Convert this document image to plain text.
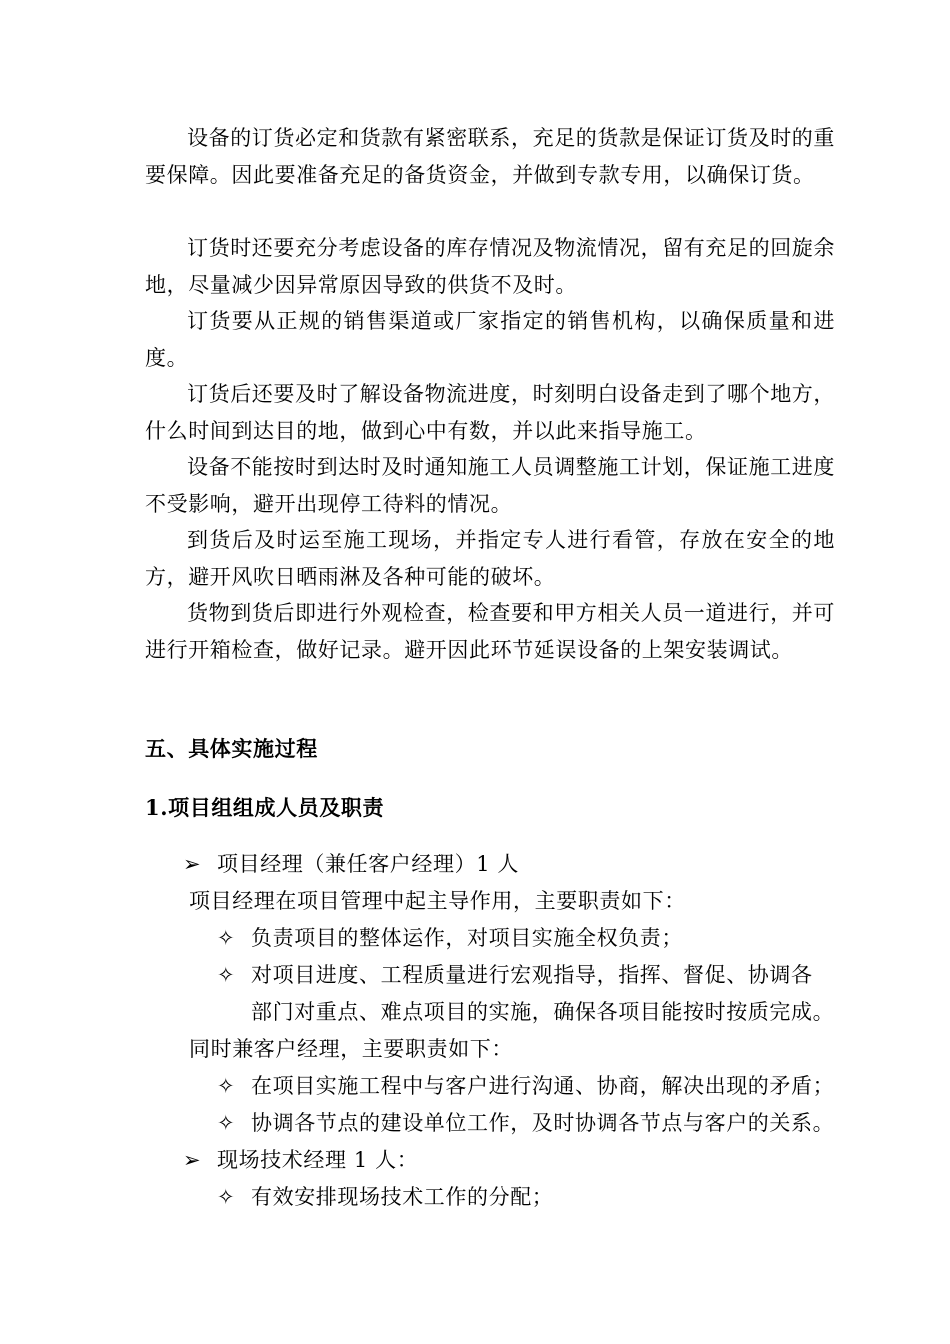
设备的订货必定和货款有紧密联系，充足的货款是保证订货及时的重要保障。因此要准备充足的备货资金，并做到专款专用，以确保订货。

订货时还要充分考虑设备的库存情况及物流情况，留有充足的回旋余地，尽量减少因异常原因导致的供货不及时。

订货要从正规的销售渠道或厂家指定的销售机构，以确保质量和进度。

订货后还要及时了解设备物流进度，时刻明白设备走到了哪个地方，什么时间到达目的地，做到心中有数，并以此来指导施工。

设备不能按时到达时及时通知施工人员调整施工计划，保证施工进度不受影响，避开出现停工待料的情况。

到货后及时运至施工现场，并指定专人进行看管，存放在安全的地方，避开风吹日晒雨淋及各种可能的破坏。

货物到货后即进行外观检查，检查要和甲方相关人员一道进行，并可进行开箱检查，做好记录。避开因此环节延误设备的上架安装调试。

五、具体实施过程
1.项目组组成人员及职责
➢ 项目经理（兼任客户经理）1 人
项目经理在项目管理中起主导作用，主要职责如下：
✧ 负责项目的整体运作，对项目实施全权负责；
✧ 对项目进度、工程质量进行宏观指导，指挥、督促、协调各
部门对重点、难点项目的实施，确保各项目能按时按质完成。
同时兼客户经理，主要职责如下：
✧ 在项目实施工程中与客户进行沟通、协商，解决出现的矛盾；
✧ 协调各节点的建设单位工作，及时协调各节点与客户的关系。
➢ 现场技术经理 1 人：
✧ 有效安排现场技术工作的分配；
